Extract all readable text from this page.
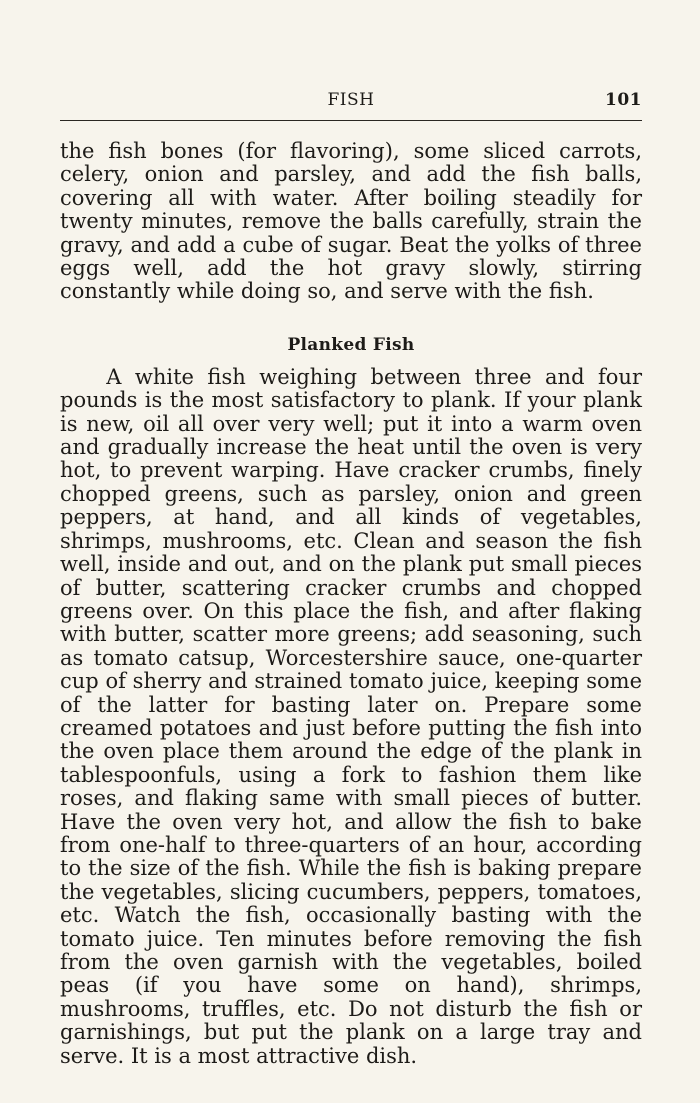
FISH	101

the fish bones (for flavoring), some sliced carrots, celery, onion and parsley, and add the fish balls, covering all with water. After boiling steadily for twenty minutes, remove the balls carefully, strain the gravy, and add a cube of sugar. Beat the yolks of three eggs well, add the hot gravy slowly, stirring constantly while doing so, and serve with the fish.

Planked Fish

A white fish weighing between three and four pounds is the most satisfactory to plank. If your plank is new, oil all over very well; put it into a warm oven and gradually increase the heat until the oven is very hot, to prevent warping. Have cracker crumbs, finely chopped greens, such as parsley, onion and green peppers, at hand, and all kinds of vegetables, shrimps, mushrooms, etc. Clean and season the fish well, inside and out, and on the plank put small pieces of butter, scattering cracker crumbs and chopped greens over. On this place the fish, and after flaking with butter, scatter more greens; add seasoning, such as tomato catsup, Worcestershire sauce, one-quarter cup of sherry and strained tomato juice, keeping some of the latter for basting later on. Prepare some creamed potatoes and just before putting the fish into the oven place them around the edge of the plank in tablespoonfuls, using a fork to fashion them like roses, and flaking same with small pieces of butter. Have the oven very hot, and allow the fish to bake from one-half to three-quarters of an hour, according to the size of the fish. While the fish is baking prepare the vegetables, slicing cucumbers, peppers, tomatoes, etc. Watch the fish, occasionally basting with the tomato juice. Ten minutes before removing the fish from the oven garnish with the vegetables, boiled peas (if you have some on hand), shrimps, mushrooms, truffles, etc. Do not disturb the fish or garnishings, but put the plank on a large tray and serve. It is a most attractive dish.
